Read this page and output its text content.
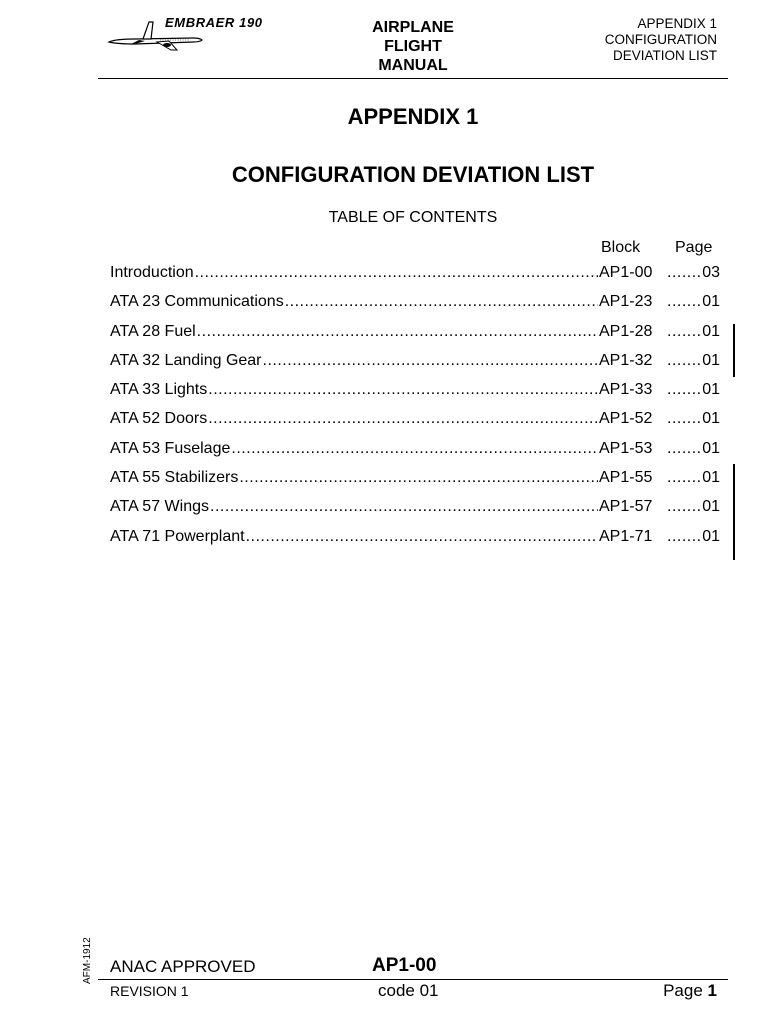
EMBRAER 190	AIRPLANE
FLIGHT
MANUAL
APPENDIX 1
CONFIGURATION
DEVIATION LIST
APPENDIX 1
CONFIGURATION DEVIATION LIST
TABLE OF CONTENTS
Block Page
Introduction .....	AP1-00 .....	03
ATA 23 Communications .....	AP1-23 .....	01
ATA 28 Fuel .....	AP1-28 .....	01
ATA 32 Landing Gear .....	AP1-32 .....	01
ATA 33 Lights .....	AP1-33 .....	01
ATA 52 Doors .....	AP1-52 .....	01
ATA 53 Fuselage .....	AP1-53 .....	01
ATA 55 Stabilizers .....	AP1-55 .....	01
ATA 57 Wings .....	AP1-57 .....	01
ATA 71 Powerplant .....	AP1-71 .....	01
AFM-1912 ANAC APPROVED	AP1-00
REVISION 1	code 01	Page 1
